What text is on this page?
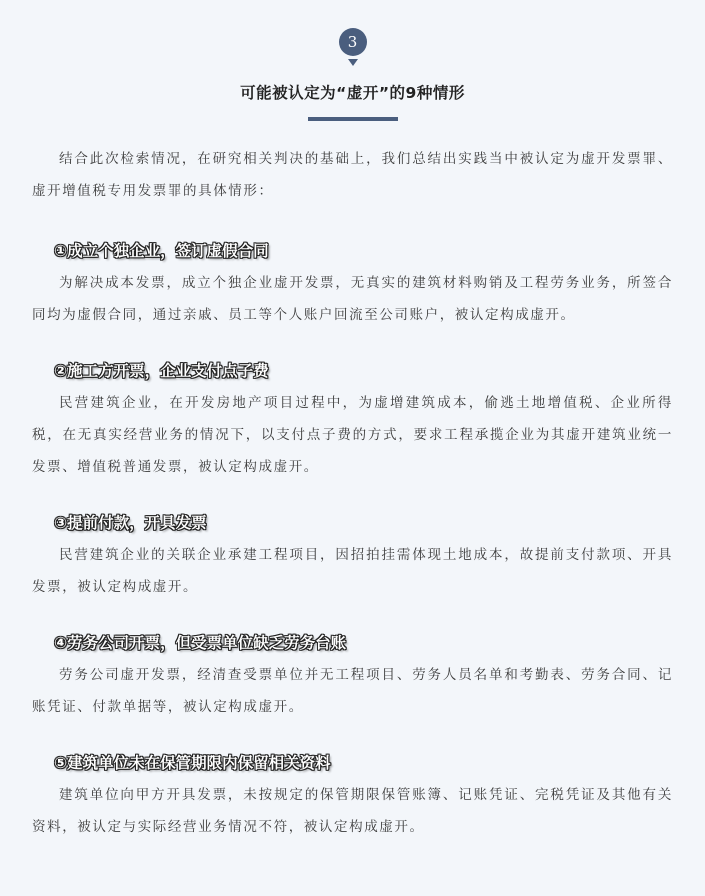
3
可能被认定为“虚开”的9种情形

结合此次检索情况，在研究相关判决的基础上，我们总结出实践当中被认定为虚开发票罪、虚开增值税专用发票罪的具体情形：

①成立个独企业，签订虚假合同

为解决成本发票，成立个独企业虚开发票，无真实的建筑材料购销及工程劳务业务，所签合同均为虚假合同，通过亲戚、员工等个人账户回流至公司账户，被认定构成虚开。

②施工方开票，企业支付点子费

民营建筑企业，在开发房地产项目过程中，为虚增建筑成本，偷逃土地增值税、企业所得税，在无真实经营业务的情况下，以支付点子费的方式，要求工程承揽企业为其虚开建筑业统一发票、增值税普通发票，被认定构成虚开。

③提前付款，开具发票

民营建筑企业的关联企业承建工程项目，因招拍挂需体现土地成本，故提前支付款项、开具发票，被认定构成虚开。

④劳务公司开票，但受票单位缺乏劳务台账

劳务公司虚开发票，经清查受票单位并无工程项目、劳务人员名单和考勤表、劳务合同、记账凭证、付款单据等，被认定构成虚开。

⑤建筑单位未在保管期限内保留相关资料

建筑单位向甲方开具发票，未按规定的保管期限保管账簿、记账凭证、完税凭证及其他有关资料，被认定与实际经营业务情况不符，被认定构成虚开。
